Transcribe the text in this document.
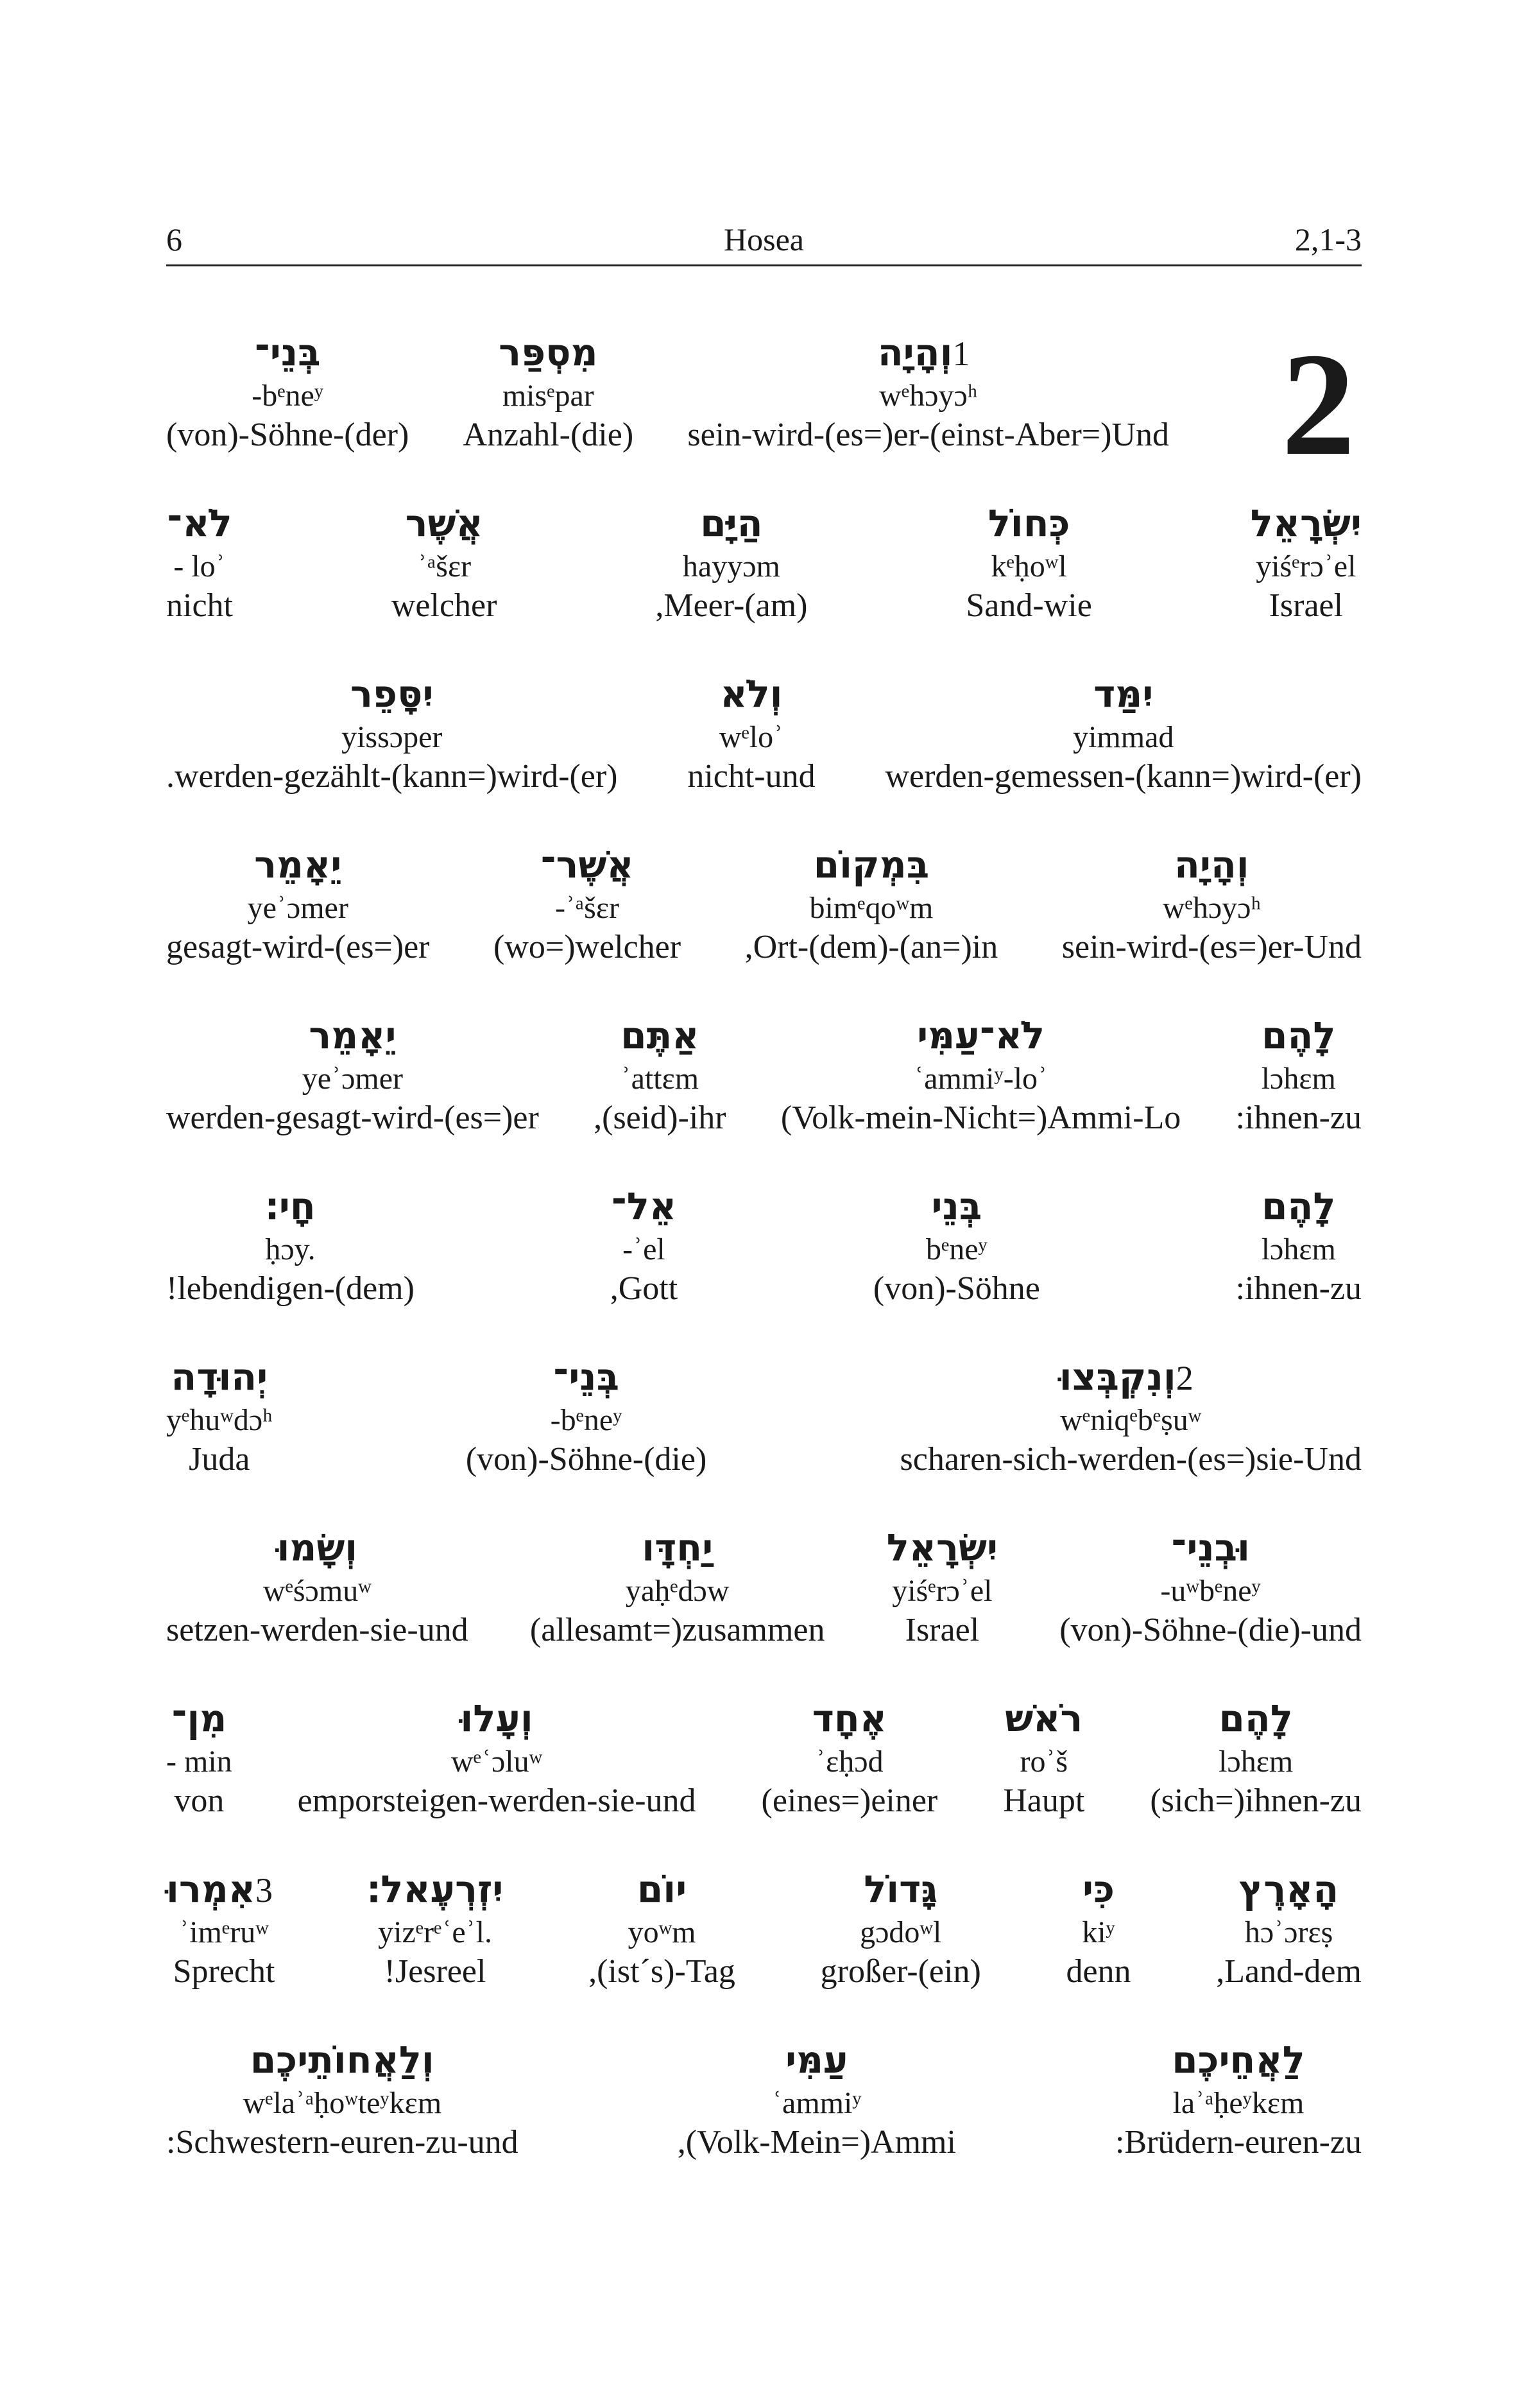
6	Hosea	2,1-3
2
1וְהָיָה
wᵉhɔyɔʰ
sein-wird-(es=)er-(einst-Aber=)Und
מִסְפַּר
misᵉpar
Anzahl-(die)
בְּנֵי־
-bᵉneʸ
(von)-Söhne-(der)
יִשְׂרָאֵל
yiśᵉrɔʾel
Israel
כְּחוֹל
kᵉḥoʷl
Sand-wie
הַיָּם
hayyɔm
,Meer-(am)
אֲשֶׁר
ʾᵃšɛr
welcher
לֹא־
- loʾ
nicht
יִמַּד
yimmad
werden-gemessen-(kann=)wird-(er)
וְלֹא
wᵉloʾ
nicht-und
יִסָּפֵר
yissɔper
.werden-gezählt-(kann=)wird-(er)
וְהָיָה
wᵉhɔyɔʰ
sein-wird-(es=)er-Und
בִּמְקוֹם
bimᵉqoʷm
,Ort-(dem)-(an=)in
אֲשֶׁר־
-ʾᵃšɛr
(wo=)welcher
יֵאָמֵר
yeʾɔmer
gesagt-wird-(es=)er
לָהֶם
lɔhɛm
:ihnen-zu
לֹא־עַמִּי
ʿammiʸ-loʾ
(Volk-mein-Nicht=)Ammi-Lo
אַתֶּם
ʾattɛm
,(seid)-ihr
יֵאָמֵר
yeʾɔmer
werden-gesagt-wird-(es=)er
לָהֶם
lɔhɛm
:ihnen-zu
בְּנֵי
bᵉneʸ
(von)-Söhne
אֵל־
-ʾel
,Gott
חָי׃
ḥɔy.
!lebendigen-(dem)
2וְנִקְבְּצוּ
wᵉniqᵉbᵉṣuʷ
scharen-sich-werden-(es=)sie-Und
בְּנֵי־
-bᵉneʸ
(von)-Söhne-(die)
יְהוּדָה
yᵉhuʷdɔʰ
Juda
וּבְנֵי־
-uʷbᵉneʸ
(von)-Söhne-(die)-und
יִשְׂרָאֵל
yiśᵉrɔʾel
Israel
יַחְדָּו
yaḥᵉdɔw
(allesamt=)zusammen
וְשָׂמוּ
wᵉśɔmuʷ
setzen-werden-sie-und
לָהֶם
lɔhɛm
(sich=)ihnen-zu
רֹאשׁ
roʾš
Haupt
אֶחָד
ʾɛḥɔd
(eines=)einer
וְעָלוּ
wᵉʿɔluʷ
emporsteigen-werden-sie-und
מִן־
- min
von
הָאָרֶץ
hɔʾɔrɛṣ
,Land-dem
כִּי
kiʸ
denn
גָּדוֹל
gɔdoʷl
großer-(ein)
יוֹם
yoʷm
,(ist´s)-Tag
יִזְרְעֶאל׃
yizᵉrᵉʿeʾl.
!Jesreel
3אִמְרוּ
ʾimᵉruʷ
Sprecht
לַאֲחֵיכֶם
laʾᵃḥeʸkɛm
:Brüdern-euren-zu
עַמִּי
ʿammiʸ
,(Volk-Mein=)Ammi
וְלַאֲחוֹתֵיכֶם
wᵉlaʾᵃḥoʷteʸkɛm
:Schwestern-euren-zu-und
